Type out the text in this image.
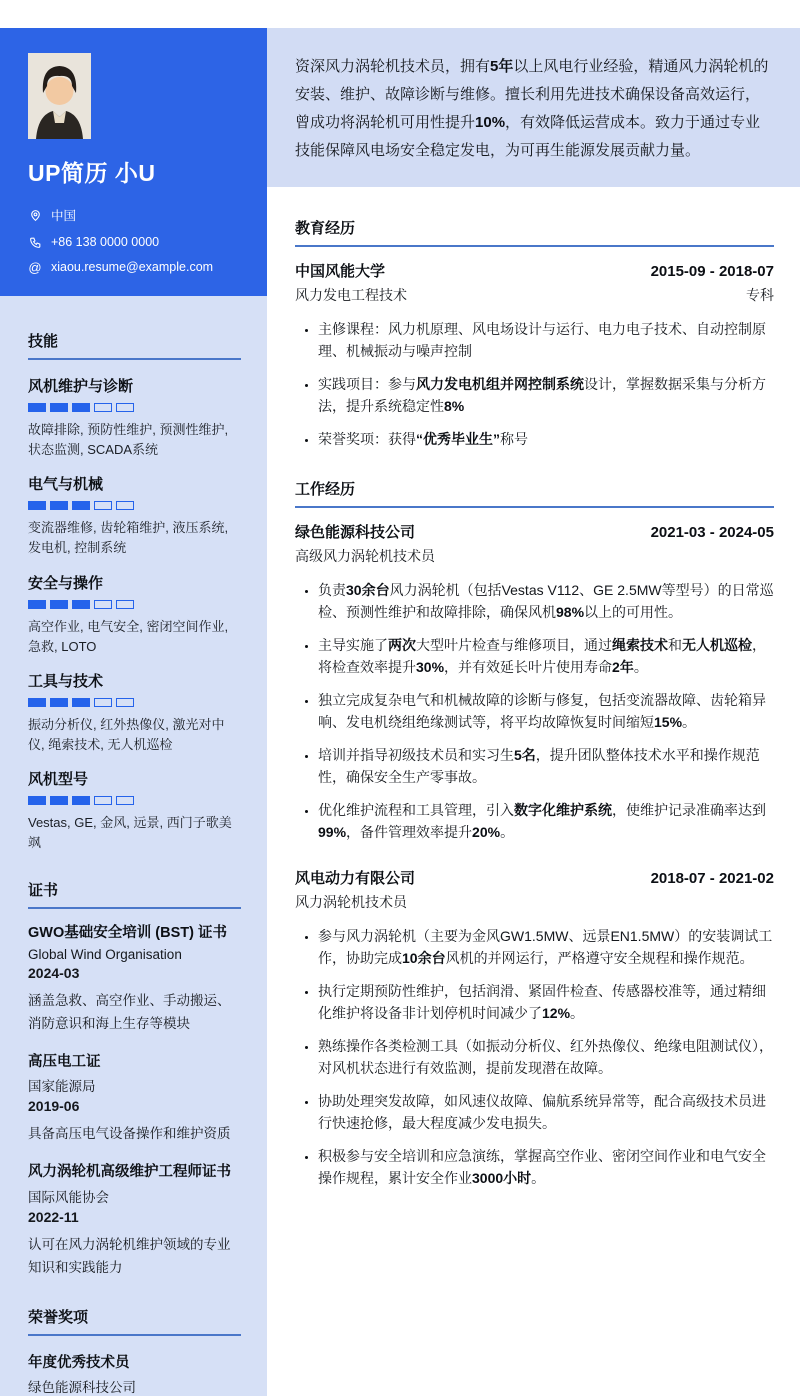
UP简历 小U
中国
+86 138 0000 0000
@ xiaou.resume@example.com
技能
风机维护与诊断
故障排除, 预防性维护, 预测性维护, 状态监测, SCADA系统
电气与机械
变流器维修, 齿轮箱维护, 液压系统, 发电机, 控制系统
安全与操作
高空作业, 电气安全, 密闭空间作业, 急救, LOTO
工具与技术
振动分析仪, 红外热像仪, 激光对中仪, 绳索技术, 无人机巡检
风机型号
Vestas, GE, 金风, 远景, 西门子歌美飒
证书
GWO基础安全培训 (BST) 证书
Global Wind Organisation
2024-03
涵盖急救、高空作业、手动搬运、消防意识和海上生存等模块
高压电工证
国家能源局
2019-06
具备高压电气设备操作和维护资质
风力涡轮机高级维护工程师证书
国际风能协会
2022-11
认可在风力涡轮机维护领域的专业知识和实践能力
荣誉奖项
年度优秀技术员
绿色能源科技公司
资深风力涡轮机技术员，拥有5年以上风电行业经验，精通风力涡轮机的安装、维护、故障诊断与维修。擅长利用先进技术确保设备高效运行，曾成功将涡轮机可用性提升10%，有效降低运营成本。致力于通过专业技能保障风电场安全稳定发电，为可再生能源发展贡献力量。
教育经历
中国风能大学	2015-09 - 2018-07
风力发电工程技术	专科
• 主修课程：风力机原理、风电场设计与运行、电力电子技术、自动控制原理、机械振动与噪声控制
• 实践项目：参与风力发电机组并网控制系统设计，掌握数据采集与分析方法，提升系统稳定性8%
• 荣誉奖项：获得“优秀毕业生”称号
工作经历
绿色能源科技公司	2021-03 - 2024-05
高级风力涡轮机技术员
• 负责30余台风力涡轮机（包括Vestas V112、GE 2.5MW等型号）的日常巡检、预测性维护和故障排除，确保风机98%以上的可用性。
• 主导实施了两次大型叶片检查与维修项目，通过绳索技术和无人机巡检，将检查效率提升30%，并有效延长叶片使用寿命2年。
• 独立完成复杂电气和机械故障的诊断与修复，包括变流器故障、齿轮箱异响、发电机绕组绝缘测试等，将平均故障恢复时间缩短15%。
• 培训并指导初级技术员和实习生5名，提升团队整体技术水平和操作规范性，确保安全生产零事故。
• 优化维护流程和工具管理，引入数字化维护系统，使维护记录准确率达到99%，备件管理效率提升20%。
风电动力有限公司	2018-07 - 2021-02
风力涡轮机技术员
• 参与风力涡轮机（主要为金风GW1.5MW、远景EN1.5MW）的安装调试工作，协助完成10余台风机的并网运行，严格遵守安全规程和操作规范。
• 执行定期预防性维护，包括润滑、紧固件检查、传感器校准等，通过精细化维护将设备非计划停机时间减少了12%。
• 熟练操作各类检测工具（如振动分析仪、红外热像仪、绝缘电阻测试仪），对风机状态进行有效监测，提前发现潜在故障。
• 协助处理突发故障，如风速仪故障、偏航系统异常等，配合高级技术员进行快速抢修，最大程度减少发电损失。
• 积极参与安全培训和应急演练，掌握高空作业、密闭空间作业和电气安全操作规程，累计安全作业3000小时。
